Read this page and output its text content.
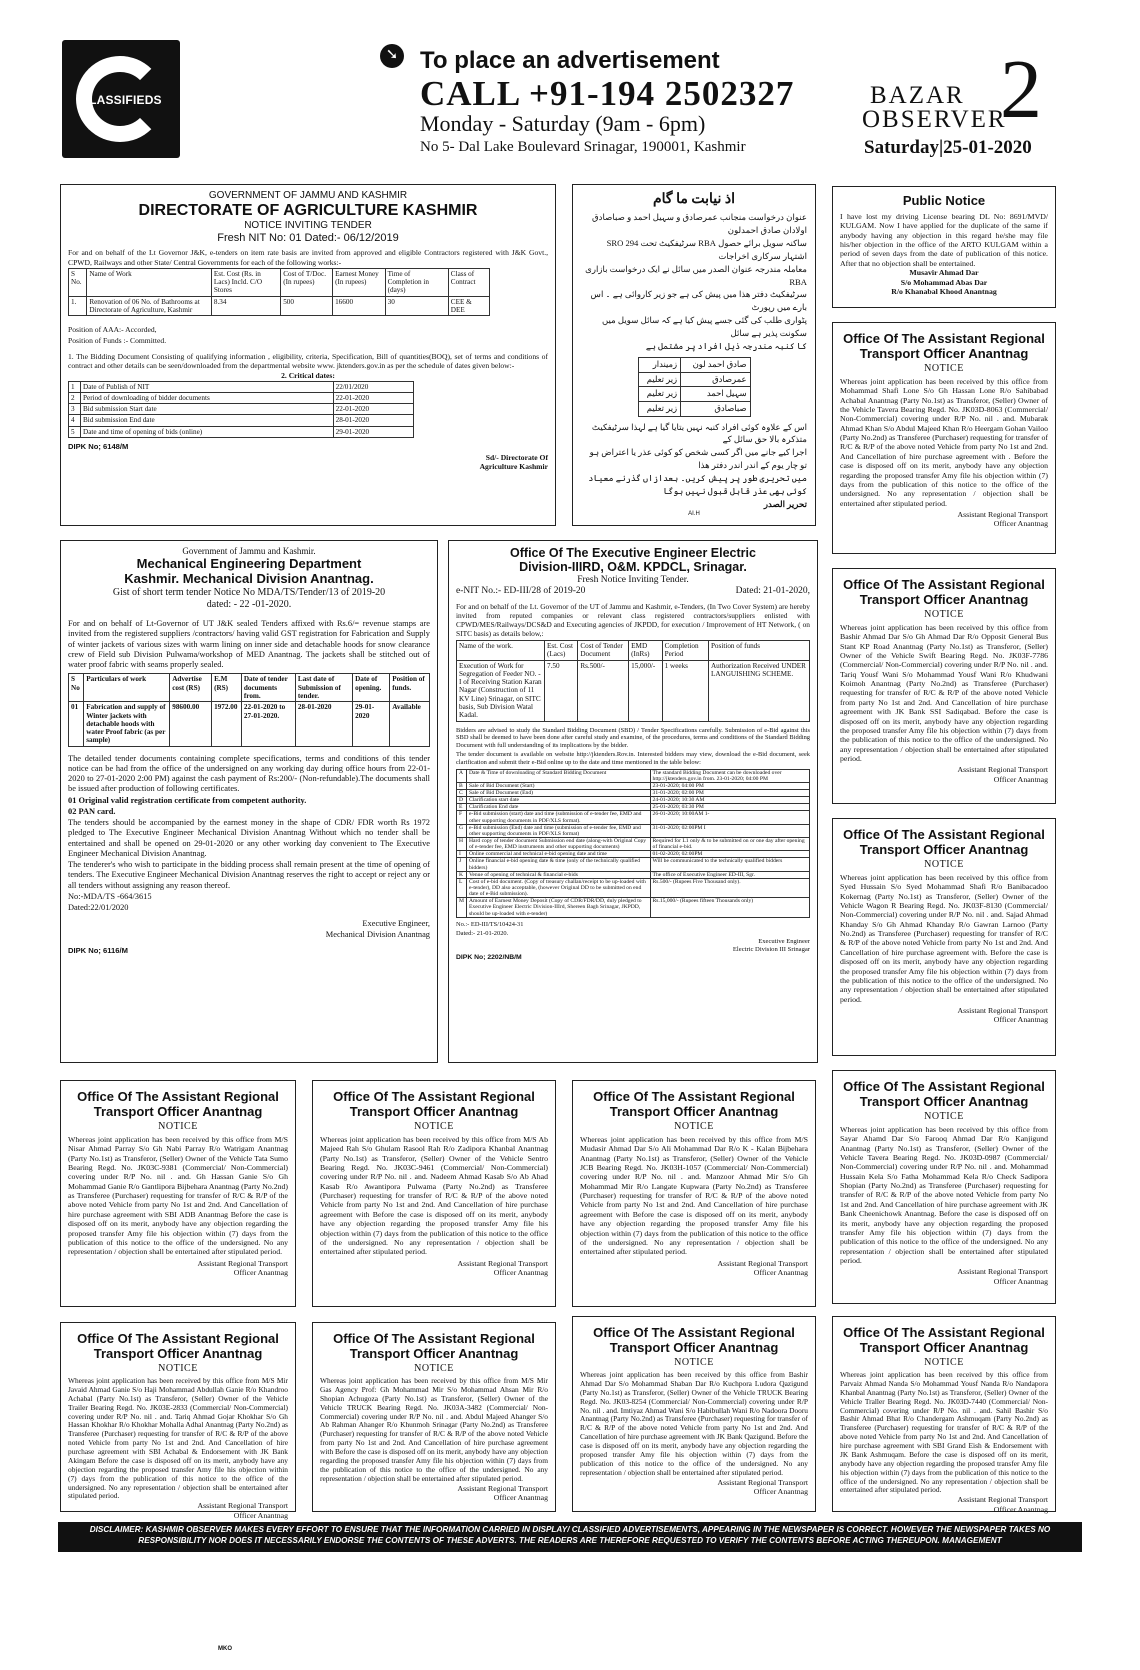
CLASSIFIEDS
➘ To place an advertisement
CALL +91-194 2502327
Monday - Saturday (9am - 6pm)
No 5- Dal Lake Boulevard Srinagar, 190001, Kashmir
BAZAR
OBSERVER
2
Saturday|25-01-2020
GOVERNMENT OF JAMMU AND KASHMIR
DIRECTORATE OF AGRICULTURE KASHMIR
NOTICE INVITING TENDER
Fresh NIT No: 01 Dated:- 06/12/2019

For and on behalf of the Lt Governor J&K, e-tenders on item rate basis are invited from approved and eligible Contractors registered with J&K Govt., CPWD, Railways and other State/ Central Governments for each of the following works:-

S No.	Name of Work	Est. Cost (Rs. in Lacs) Incld. C/O Stores	Cost of T/Doc. (In rupees)	Earnest Money (In rupees)	Time of Completion in (days)	Class of Contract
1.	Renovation of 06 No. of Bathrooms at Directorate of Agriculture, Kashmir	8.34	500	16600	30	CEE & DEE

Position of AAA:- Accorded,

Position of Funds :- Committed.

1. The Bidding Document Consisting of qualifying information , eligibility, criteria, Specification, Bill of quantities(BOQ), set of terms and conditions of contract and other details can be seen/downloaded from the departmental website www. jktenders.gov.in as per the schedule of dates given below:-

2. Critical dates:
1	Date of Publish of NIT	22/01/2020
2	Period of downloading of bidder documents	22-01-2020
3	Bid submission Start date	22-01-2020
4	Bid submission End date	28-01-2020
5	Date and time of opening of bids (online)	29-01-2020
DIPK No; 6148/M
Sd/- Directorate Of
Agriculture Kashmir
اذ نیابت ما گام
عنوان درخواست منجانب عمرصادق و سہیل احمد و صباصادق اولادان صادق احمدلون
ساکنہ سویل برائے حصول RBA سرٹیفکیٹ تحت SRO 294
اشتہار سرکاری اخراجات
معاملہ مندرجہ عنوان الصدر میں سائل نے ایک درخواست بازاری RBA
سرٹیفکیٹ دفتر ھذا میں پیش کی ہے جو زیر کاروائی ہے ۔ اس بارے میں رپورٹ
پٹواری طلب کی گئی جسے پیش کیا ہے کہ سائل سویل میں سکونت پذیر ہے سائل
کا کنبہ مندرجہ ذیل افراد پر مشتمل ہے
صادق احمد لون	زمیندار
عمرصادق	زیر تعلیم
سہیل احمد	زیر تعلیم
صباصادق	زیر تعلیم
اس کے علاوہ کوئی افراد کنبہ نہیں بتایا گیا ہے لہذا سرٹیفکیٹ متذکرہ بالا حق سائل کے
اجرا کیے جانے میں اگر کسی شخص کو کوئی عذر یا اعتراض ہو تو چار یوم کے اندر اندر دفتر ھذا
میں تحریری طور پر پیش کریں۔ بعدازاں گذرنے معیاد کوئی بھی عذر قابل قبول نہیں ہوگا
تحریر الصدر
AI.H
Public Notice
I have lost my driving License bearing DL No: 8691/MVD/ KULGAM. Now I have applied for the duplicate of the same if anybody having any objection in this regard he/she may file his/her objection in the office of the ARTO KULGAM within a period of seven days from the date of publication of this notice. After that no objection shall be entertained.
Musavir Ahmad Dar
S/o Mohammad Abas Dar
R/o Khanabal Khood Anantnag
Office Of The Assistant Regional
Transport Officer Anantnag
NOTICE
Whereas joint application has been received by this office from Mohammad Shafi Lone S/o Gh Hassan Lone R/o Sahibabad Achabal Anantnag (Party No.1st) as Transferor, (Seller) Owner of the Vehicle Tavera Bearing Regd. No. JK03D-8063 (Commercial/ Non-Commercial) covering under R/P No. nil . and. Mubarak Ahmad Khan S/o Abdul Majeed Khan R/o Heergam Gohan Vailoo (Party No.2nd) as Transferee (Purchaser) requesting for transfer of R/C & R/P of the above noted Vehicle from party No 1st and 2nd. And Cancellation of hire purchase agreement with . Before the case is disposed off on its merit, anybody have any objection regarding the proposed transfer Amy file his objection within (7) days from the publication of this notice to the office of the undersigned. No any representation / objection shall be entertained after stipulated period.
Assistant Regional Transport
Officer Anantnag
Office Of The Assistant Regional
Transport Officer Anantnag
NOTICE
Whereas joint application has been received by this office from Bashir Ahmad Dar S/o Gh Ahmad Dar R/o Opposit General Bus Stant KP Road Anantnag (Party No.1st) as Transferor, (Seller) Owner of the Vehicle Swift Bearing Regd. No. JK03F-7786 (Commercial/ Non-Commercial) covering under R/P No. nil . and. Tariq Yousf Wani S/o Mohammad Yousf Wani R/o Khudwani Koimoh Anantnag (Party No.2nd) as Transferee (Purchaser) requesting for transfer of R/C & R/P of the above noted Vehicle from party No 1st and 2nd. And Cancellation of hire purchase agreement with JK Bank SSI Sadiqabad. Before the case is disposed off on its merit, anybody have any objection regarding the proposed transfer Amy file his objection within (7) days from the publication of this notice to the office of the undersigned. No any representation / objection shall be entertained after stipulated period.
Assistant Regional Transport
Officer Anantnag
Office Of The Assistant Regional
Transport Officer Anantnag
NOTICE
Whereas joint application has been received by this office from Syed Hussain S/o Syed Mohammad Shafi R/o Banibacadoo Kokernag (Party No.1st) as Transferor, (Seller) Owner of the Vehicle Wagon R Bearing Regd. No. JK03F-8130 (Commercial/ Non-Commercial) covering under R/P No. nil . and. Sajad Ahmad Khanday S/o Gh Ahmad Khanday R/o Gawran Larnoo (Party No.2nd) as Transferee (Purchaser) requesting for transfer of R/C & R/P of the above noted Vehicle from party No 1st and 2nd. And Cancellation of hire purchase agreement with. Before the case is disposed off on its merit, anybody have any objection regarding the proposed transfer Amy file his objection within (7) days from the publication of this notice to the office of the undersigned. No any representation / objection shall be entertained after stipulated period.
Assistant Regional Transport
Officer Anantnag
Government of Jammu and Kashmir.
Mechanical Engineering Department
Kashmir. Mechanical Division Anantnag.
Gist of short term tender Notice No MDA/TS/Tender/13 of 2019-20
dated: - 22 -01-2020.

For and on behalf of Lt-Governor of UT J&K sealed Tenders affixed with Rs.6/= revenue stamps are invited from the registered suppliers /contractors/ having valid GST registration for Fabrication and Supply of winter jackets of various sizes with warm lining on inner side and detachable hoods for snow clearance crew of Field sub Division Pulwama/workshop of MED Anantnag. The jackets shall be stitched out of water proof fabric with seams properly sealed.

S No	Particulars of work	Advertise cost (RS)	E.M (RS)	Date of tender documents from.	Last date of Submission of tender.	Date of opening.	Position of funds.
01	Fabrication and supply of Winter jackets with detachable hoods with water Proof fabric (as per sample)	98600.00	1972.00	22-01-2020 to 27-01-2020.	28-01-2020	29-01-2020	Available

The detailed tender documents containing complete specifications, terms and conditions of this tender notice can be had from the office of the undersigned on any working day during office hours from 22-01-2020 to 27-01-2020 2:00 PM) against the cash payment of Rs:200/- (Non-refundable).The documents shall be issued after production of following certificates.

01 Original valid registration certificate from competent authority.

02 PAN card.

The tenders should be accompanied by the earnest money in the shape of CDR/ FDR worth Rs 1972 pledged to The Executive Engineer Mechanical Division Anantnag Without which no tender shall be entertained and shall be opened on 29-01-2020 or any other working day convenient to The Executive Engineer Mechanical Division Anantnag.

The tenderer's who wish to participate in the bidding process shall remain present at the time of opening of tenders. The Executive Engineer Mechanical Division Anantnag reserves the right to accept or reject any or all tenders without assigning any reason thereof.

No:-MDA/TS -664/3615

Dated:22/01/2020

Executive Engineer,
Mechanical Division Anantnag
DIPK No; 6116/M
Office Of The Executive Engineer Electric
Division-IIIRD, O&M. KPDCL, Srinagar.
Fresh Notice Inviting Tender.
e-NIT No.:- ED-III/28 of 2019-20	Dated: 21-01-2020,

For and on behalf of the Lt. Governor of the UT of Jammu and Kashmir, e-Tenders, (In Two Cover System) are hereby invited from reputed companies or relevant class registered contractors/suppliers enlisted with CPWD/MES/Railways/DCS&D and Executing agencies of JKPDD, for execution / Improvement of HT Network, ( on SITC basis) as details below,:

Name of the work.	Est. Cost (Lacs)	Cost of Tender Document	EMD (InRs)	Completion Period	Position of funds
Execution of Work for Segregation of Feeder NO. -I of Receiving Station Karan Nagar (Construction of 11 KV Line) Srinagar, on SITC basis, Sub Division Watal Kadal.	7.50	Rs.500/-	15,000/-	1 weeks	Authorization Received UNDER LANGUISHING SCHEME.

Bidders are advised to study the Standard Bidding Document (SBD) / Tender Specifications carefully. Submission of e-Bid against this SBD shall be deemed to have been done after careful study and examine, of the procedures, terms and conditions of the Standard Bidding Document with full understanding of its implications by the bidder.

The tender document is available on website http://jktenders.Rov.in. Interested bidders may view, download the e-Bid document, seek clarification and submit their e-Bid online up to the date and time mentioned in the table below:

A	Date & Time of downloading of Standard Bidding Document	The standard Bidding Document can be downloaded over http://jktenders.gov.in from. 23-01-2020; 04:00 PM
B	Sale of Bid Document (Start)	23-01-2020; 04:00 PM
C	Sale of Bid Document (End)	31-01-2020; 02:00 PM
D	Clarification start date	24-01-2020; 10:30 AM
E	Clarification End date	25-01-2020; 03:30 PM
F	e-Bid submission (start) date and time (submission of e-tender fee, EMD and other supporting documents in PDF/XLS format).	26-01-2020; 10:00AM 1-
G	e-Bid submission (End) date and time (submission of e-tender fee, EMD and other supporting documents in PDF/XLS format)	31-01-2020; 02:00PM I
H	Hard copy of tender document Submission end date (along-with Original Copy of e-tender fee, EMD instruments and other supporting documents)	Required for L1 only & to be submitted on or one day after opening of financial e-bid.
I	Online commercial and technical e-bid opening date and time	01-02-2020; 02:00PM
J	Online financial e-bid opening date & time (only of the technically qualified bidders)	Will be communicated to the technically qualified bidders
K	Venue of opening of technical & financial e-bids	The office of Executive Engineer ED-III, Sgr.
L	Cost of e-bid document. (Copy of treasury challan/receipt to be up-loaded with e-tender), DD also acceptable, (however Original DD to be submitted on end date of e-Bid submission).	Rs.500/- (Rupees Five Thousand only).
M	Amount of Earnest Money Deposit (Copy of CDR/FDR/DD, duly pledged to Executive Engineer Electric Division-IIIrd, Shereen Bagh Srinagar, JKPDD, should be up-loaded with e-tender)	Rs.15,000/- (Rupees fifteen Thousands only)

No.:- ED-III/TS/10424-31

Dated:- 21-01-2020.

Executive Engineer
Electric Division III Srinagar
DIPK No; 2202/NB/M
Office Of The Assistant Regional
Transport Officer Anantnag
NOTICE
Whereas joint application has been received by this office from M/S Nisar Ahmad Parray S/o Gh Nabi Parray R/o Watrigam Anantnag (Party No.1st) as Transferor, (Seller) Owner of the Vehicle Tata Sumo Bearing Regd. No. JK03C-9381 (Commercial/ Non-Commercial) covering under R/P No. nil . and. Gh Hassan Ganie S/o Gh Mohammad Ganie R/o Gantlipora Bijbehara Anantnag (Party No.2nd) as Transferee (Purchaser) requesting for transfer of R/C & R/P of the above noted Vehicle from party No 1st and 2nd. And Cancellation of hire purchase agreement with SBI ADB Anantnag Before the case is disposed off on its merit, anybody have any objection regarding the proposed transfer Amy file his objection within (7) days from the publication of this notice to the office of the undersigned. No any representation / objection shall be entertained after stipulated period.
Assistant Regional Transport
Officer Anantnag
Office Of The Assistant Regional
Transport Officer Anantnag
NOTICE
Whereas joint application has been received by this office from M/S Ab Majeed Rah S/o Ghulam Rasool Rah R/o Zadipora Khanbal Anantnag (Party No.1st) as Transferor, (Seller) Owner of the Vehicle Sentro Bearing Regd. No. JK03C-9461 (Commercial/ Non-Commercial) covering under R/P No. nil . and. Nadeem Ahmad Kasab S/o Ab Ahad Kasab R/o Awantipora Pulwama (Party No.2nd) as Transferee (Purchaser) requesting for transfer of R/C & R/P of the above noted Vehicle from party No 1st and 2nd. And Cancellation of hire purchase agreement with Before the case is disposed off on its merit, anybody have any objection regarding the proposed transfer Amy file his objection within (7) days from the publication of this notice to the office of the undersigned. No any representation / objection shall be entertained after stipulated period.
Assistant Regional Transport
Officer Anantnag
Office Of The Assistant Regional
Transport Officer Anantnag
NOTICE
Whereas joint application has been received by this office from M/S Mudasir Ahmad Dar S/o Ali Mohammad Dar R/o K - Kalan Bijbehara Anantnag (Party No.1st) as Transferor, (Seller) Owner of the Vehicle JCB Bearing Regd. No. JK03H-1057 (Commercial/ Non-Commercial) covering under R/P No. nil . and. Manzoor Ahmad Mir S/o Gh Mohammad Mir R/o Langate Kupwara (Party No.2nd) as Transferee (Purchaser) requesting for transfer of R/C & R/P of the above noted Vehicle from party No 1st and 2nd. And Cancellation of hire purchase agreement with Before the case is disposed off on its merit, anybody have any objection regarding the proposed transfer Amy file his objection within (7) days from the publication of this notice to the office of the undersigned. No any representation / objection shall be entertained after stipulated period.
Assistant Regional Transport
Officer Anantnag
Office Of The Assistant Regional
Transport Officer Anantnag
NOTICE
Whereas joint application has been received by this office from Sayar Ahamd Dar S/o Farooq Ahmad Dar R/o Kanjigund Anantnag (Party No.1st) as Transferor, (Seller) Owner of the Vehicle Tavera Bearing Regd. No. JK03D-0987 (Commercial/ Non-Commercial) covering under R/P No. nil . and. Mohammad Hussain Kela S/o Fatha Mohammad Kela R/o Check Sadipora Shopian (Party No.2nd) as Transferee (Purchaser) requesting for transfer of R/C & R/P of the above noted Vehicle from party No 1st and 2nd. And Cancellation of hire purchase agreement with JK Bank Cheenichowk Anantnag. Before the case is disposed off on its merit, anybody have any objection regarding the proposed transfer Amy file his objection within (7) days from the publication of this notice to the office of the undersigned. No any representation / objection shall be entertained after stipulated period.
Assistant Regional Transport
Officer Anantnag
Office Of The Assistant Regional
Transport Officer Anantnag
NOTICE
Whereas joint application has been received by this office from M/S Mir Javaid Ahmad Ganie S/o Haji Mohammad Abdullah Ganie R/o Khandroo Achabal (Party No.1st) as Transferor, (Seller) Owner of the Vehicle Trailer Bearing Regd. No. JK03E-2833 (Commercial/ Non-Commercial) covering under R/P No. nil . and. Tariq Ahmad Gojar Khokhar S/o Gh Hassan Khokhar R/o Khokhar Mohalla Adhal Anantnag (Party No.2nd) as Transferee (Purchaser) requesting for transfer of R/C & R/P of the above noted Vehicle from party No 1st and 2nd. And Cancellation of hire purchase agreement with SBI Achabal & Endorsement with JK Bank Akingam Before the case is disposed off on its merit, anybody have any objection regarding the proposed transfer Amy file his objection within (7) days from the publication of this notice to the office of the undersigned. No any representation / objection shall be entertained after stipulated period.
Assistant Regional Transport
Officer Anantnag
Office Of The Assistant Regional
Transport Officer Anantnag
NOTICE
Whereas joint application has been received by this office from M/S Mir Gas Agency Prof: Gh Mohammad Mir S/o Mohammad Ahsan Mir R/o Shopian Achugoza (Party No.1st) as Transferor, (Seller) Owner of the Vehicle TRUCK Bearing Regd. No. JK03A-3482 (Commercial/ Non-Commercial) covering under R/P No. nil . and. Abdul Majeed Ahanger S/o Ab Rahman Ahanger R/o Khunmoh Srinagar (Party No.2nd) as Transferee (Purchaser) requesting for transfer of R/C & R/P of the above noted Vehicle from party No 1st and 2nd. And Cancellation of hire purchase agreement with Before the case is disposed off on its merit, anybody have any objection regarding the proposed transfer Amy file his objection within (7) days from the publication of this notice to the office of the undersigned. No any representation / objection shall be entertained after stipulated period.
Assistant Regional Transport
Officer Anantnag
Office Of The Assistant Regional
Transport Officer Anantnag
NOTICE
Whereas joint application has been received by this office from Bashir Ahmad Dar S/o Mohammad Shaban Dar R/o Kuchpora Ludora Qazigund (Party No.1st) as Transferor, (Seller) Owner of the Vehicle TRUCK Bearing Regd. No. JK03-8254 (Commercial/ Non-Commercial) covering under R/P No. nil . and. Imtiyaz Ahmad Wani S/o Habibullah Wani R/o Nadoora Dooru Anantnag (Party No.2nd) as Transferee (Purchaser) requesting for transfer of R/C & R/P of the above noted Vehicle from party No 1st and 2nd. And Cancellation of hire purchase agreement with JK Bank Qazigund. Before the case is disposed off on its merit, anybody have any objection regarding the proposed transfer Amy file his objection within (7) days from the publication of this notice to the office of the undersigned. No any representation / objection shall be entertained after stipulated period.
Assistant Regional Transport
Officer Anantnag
Office Of The Assistant Regional
Transport Officer Anantnag
NOTICE
Whereas joint application has been received by this office from Parvaiz Ahmad Nanda S/o Mohammad Yousf Nanda R/o Nandapora Khanbal Anantnag (Party No.1st) as Transferor, (Seller) Owner of the Vehicle Traller Bearing Regd. No. JK03D-7440 (Commercial/ Non-Commercial) covering under R/P No. nil . and. Sahil Bashir S/o Bashir Ahmad Bhat R/o Chandergam Ashmuqam (Party No.2nd) as Transferee (Purchaser) requesting for transfer of R/C & R/P of the above noted Vehicle from party No 1st and 2nd. And Cancellation of hire purchase agreement with SBI Grand Eish & Endorsement with JK Bank Ashmuqam. Before the case is disposed off on its merit, anybody have any objection regarding the proposed transfer Amy file his objection within (7) days from the publication of this notice to the office of the undersigned. No any representation / objection shall be entertained after stipulated period.
Assistant Regional Transport
Officer Anantnag
DISCLAIMER: KASHMIR OBSERVER MAKES EVERY EFFORT TO ENSURE THAT THE INFORMATION CARRIED IN DISPLAY/ CLASSIFIED ADVERTISEMENTS, APPEARING IN THE NEWSPAPER IS CORRECT. HOWEVER THE NEWSPAPER TAKES NO RESPONSIBILITY NOR DOES IT NECESSARILY ENDORSE THE CONTENTS OF THESE ADVERTS. THE READERS ARE THEREFORE REQUESTED TO VERIFY THE CONTENTS BEFORE ACTING THEREUPON. MANAGEMENT
MKO
